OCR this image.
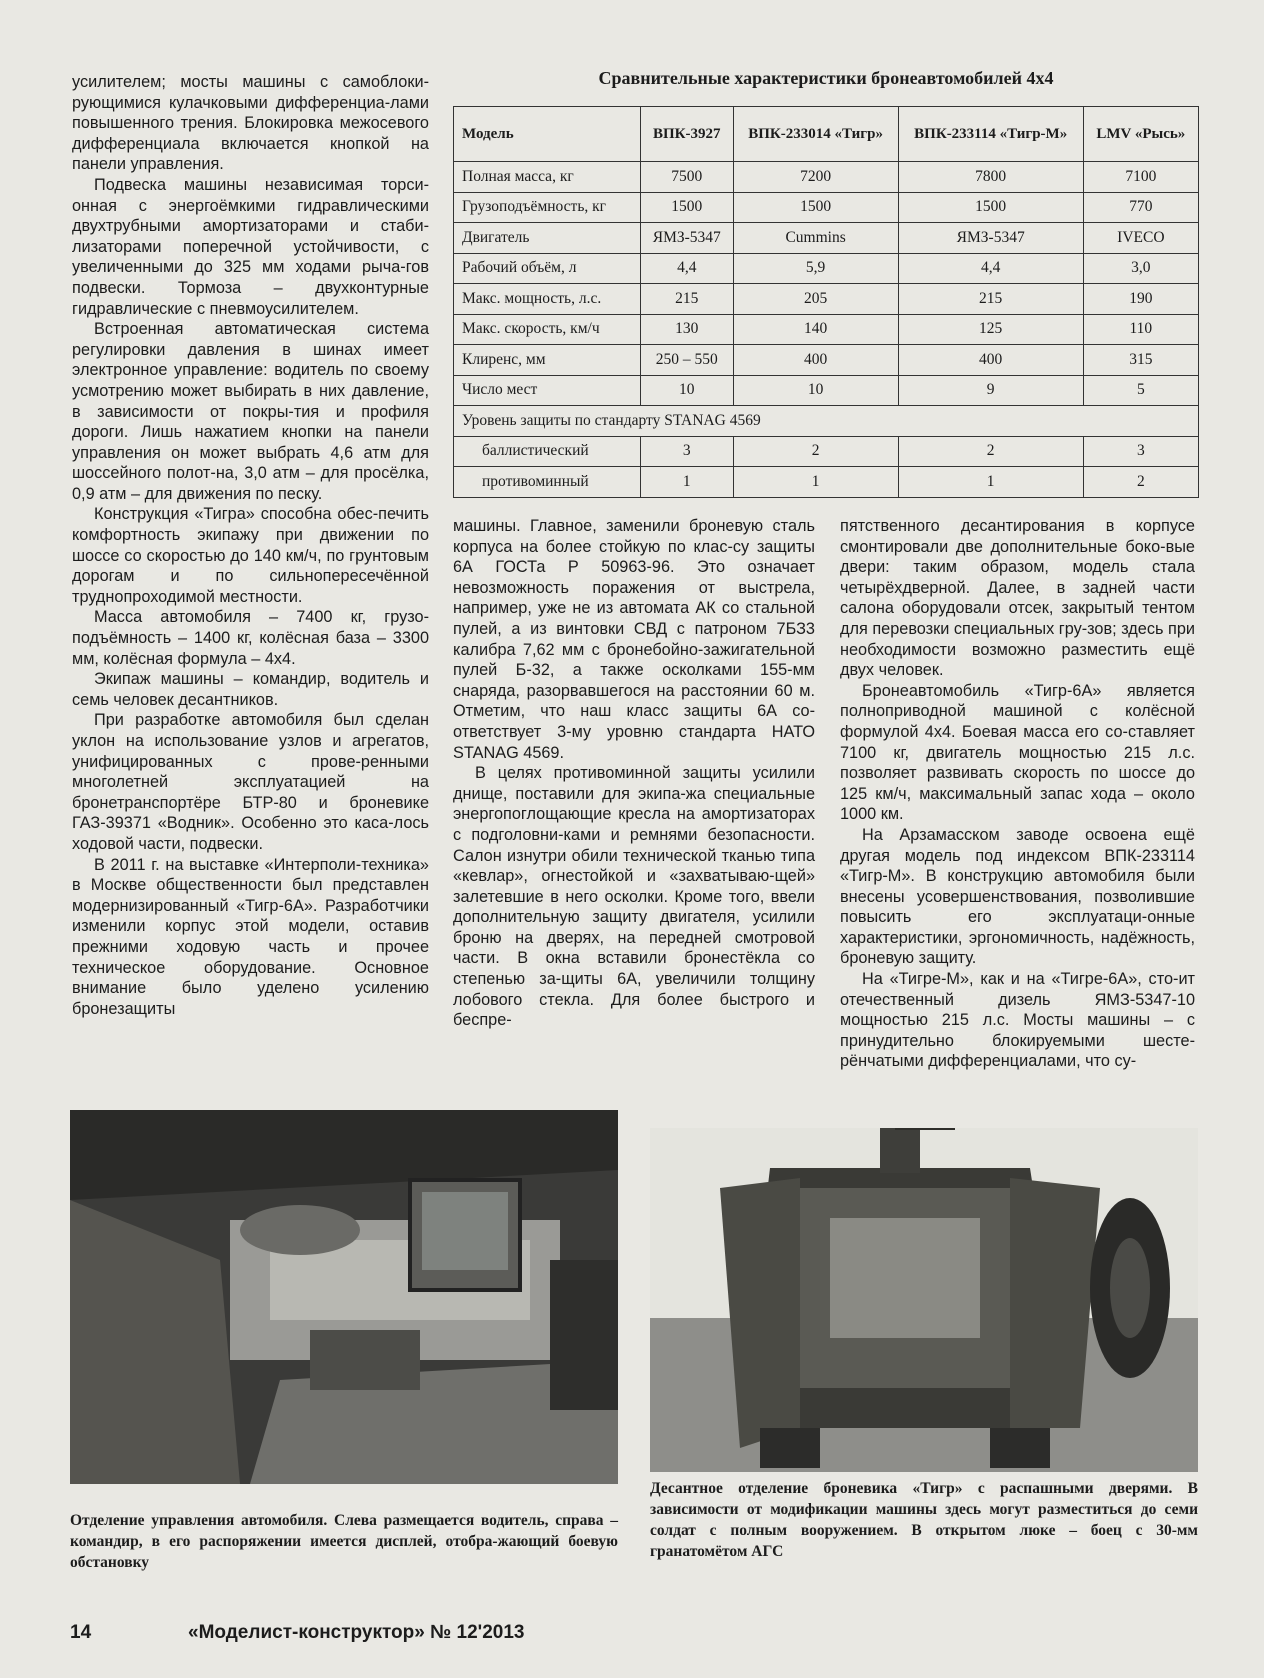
усилителем; мосты машины с самоблоки-рующимися кулачковыми дифференциа-лами повышенного трения. Блокировка межосевого дифференциала включается кнопкой на панели управления.

Подвеска машины независимая торси-онная с энергоёмкими гидравлическими двухтрубными амортизаторами и стаби-лизаторами поперечной устойчивости, с увеличенными до 325 мм ходами рыча-гов подвески. Тормоза – двухконтурные гидравлические с пневмоусилителем.

Встроенная автоматическая система регулировки давления в шинах имеет электронное управление: водитель по своему усмотрению может выбирать в них давление, в зависимости от покры-тия и профиля дороги. Лишь нажатием кнопки на панели управления он может выбрать 4,6 атм для шоссейного полот-на, 3,0 атм – для просёлка, 0,9 атм – для движения по песку.

Конструкция «Тигра» способна обес-печить комфортность экипажу при движении по шоссе со скоростью до 140 км/ч, по грунтовым дорогам и по сильнопересечённой труднопроходимой местности.

Масса автомобиля – 7400 кг, грузо-подъёмность – 1400 кг, колёсная база – 3300 мм, колёсная формула – 4x4.

Экипаж машины – командир, водитель и семь человек десантников.

При разработке автомобиля был сделан уклон на использование узлов и агрегатов, унифицированных с прове-ренными многолетней эксплуатацией на бронетранспортёре БТР-80 и броневике ГАЗ-39371 «Водник». Особенно это каса-лось ходовой части, подвески.

В 2011 г. на выставке «Интерполи-техника» в Москве общественности был представлен модернизированный «Тигр-6А». Разработчики изменили корпус этой модели, оставив прежними ходовую часть и прочее техническое оборудование. Основное внимание было уделено усилению бронезащиты

Сравнительные характеристики бронеавтомобилей 4x4
Модель	ВПК-3927	ВПК-233014 «Тигр»	ВПК-233114 «Тигр-М»	LMV «Рысь»
Полная масса, кг	7500	7200	7800	7100
Грузоподъёмность, кг	1500	1500	1500	770
Двигатель	ЯМЗ-5347	Cummins	ЯМЗ-5347	IVECO
Рабочий объём, л	4,4	5,9	4,4	3,0
Макс. мощность, л.с.	215	205	215	190
Макс. скорость, км/ч	130	140	125	110
Клиренс, мм	250 – 550	400	400	315
Число мест	10	10	9	5
Уровень защиты по стандарту STANAG 4569				
баллистический	3	2	2	3
противоминный	1	1	1	2

машины. Главное, заменили броневую сталь корпуса на более стойкую по клас-су защиты 6А ГОСТа Р 50963-96. Это означает невозможность поражения от выстрела, например, уже не из автомата АК со стальной пулей, а из винтовки СВД с патроном 7БЗ3 калибра 7,62 мм с бронебойно-зажигательной пулей Б-32, а также осколками 155-мм снаряда, разорвавшегося на расстоянии 60 м. Отметим, что наш класс защиты 6А со-ответствует 3-му уровню стандарта НАТО STANAG 4569.

В целях противоминной защиты усилили днище, поставили для экипа-жа специальные энергопоглощающие кресла на амортизаторах с подголовни-ками и ремнями безопасности. Салон изнутри обили технической тканью типа «кевлар», огнестойкой и «захватываю-щей» залетевшие в него осколки. Кроме того, ввели дополнительную защиту двигателя, усилили броню на дверях, на передней смотровой части. В окна вставили бронестёкла со степенью за-щиты 6А, увеличили толщину лобового стекла. Для более быстрого и беспре-

пятственного десантирования в корпусе смонтировали две дополнительные боко-вые двери: таким образом, модель стала четырёхдверной. Далее, в задней части салона оборудовали отсек, закрытый тентом для перевозки специальных гру-зов; здесь при необходимости возможно разместить ещё двух человек.

Бронеавтомобиль «Тигр-6А» является полноприводной машиной с колёсной формулой 4x4. Боевая масса его со-ставляет 7100 кг, двигатель мощностью 215 л.с. позволяет развивать скорость по шоссе до 125 км/ч, максимальный запас хода – около 1000 км.

На Арзамасском заводе освоена ещё другая модель под индексом ВПК-233114 «Тигр-М». В конструкцию автомобиля были внесены усовершенствования, позволившие повысить его эксплуатаци-онные характеристики, эргономичность, надёжность, броневую защиту.

На «Тигре-М», как и на «Тигре-6А», сто-ит отечественный дизель ЯМЗ-5347-10 мощностью 215 л.с. Мосты машины – с принудительно блокируемыми шесте-рёнчатыми дифференциалами, что су-

Отделение управления автомобиля. Слева размещается водитель, справа – командир, в его распоряжении имеется дисплей, отобра-жающий боевую обстановку
Десантное отделение броневика «Тигр» с распашными дверями. В зависимости от модификации машины здесь могут разместиться до семи солдат с полным вооружением. В открытом люке – боец с 30-мм гранатомётом АГС
14	«Моделист-конструктор» № 12'2013
